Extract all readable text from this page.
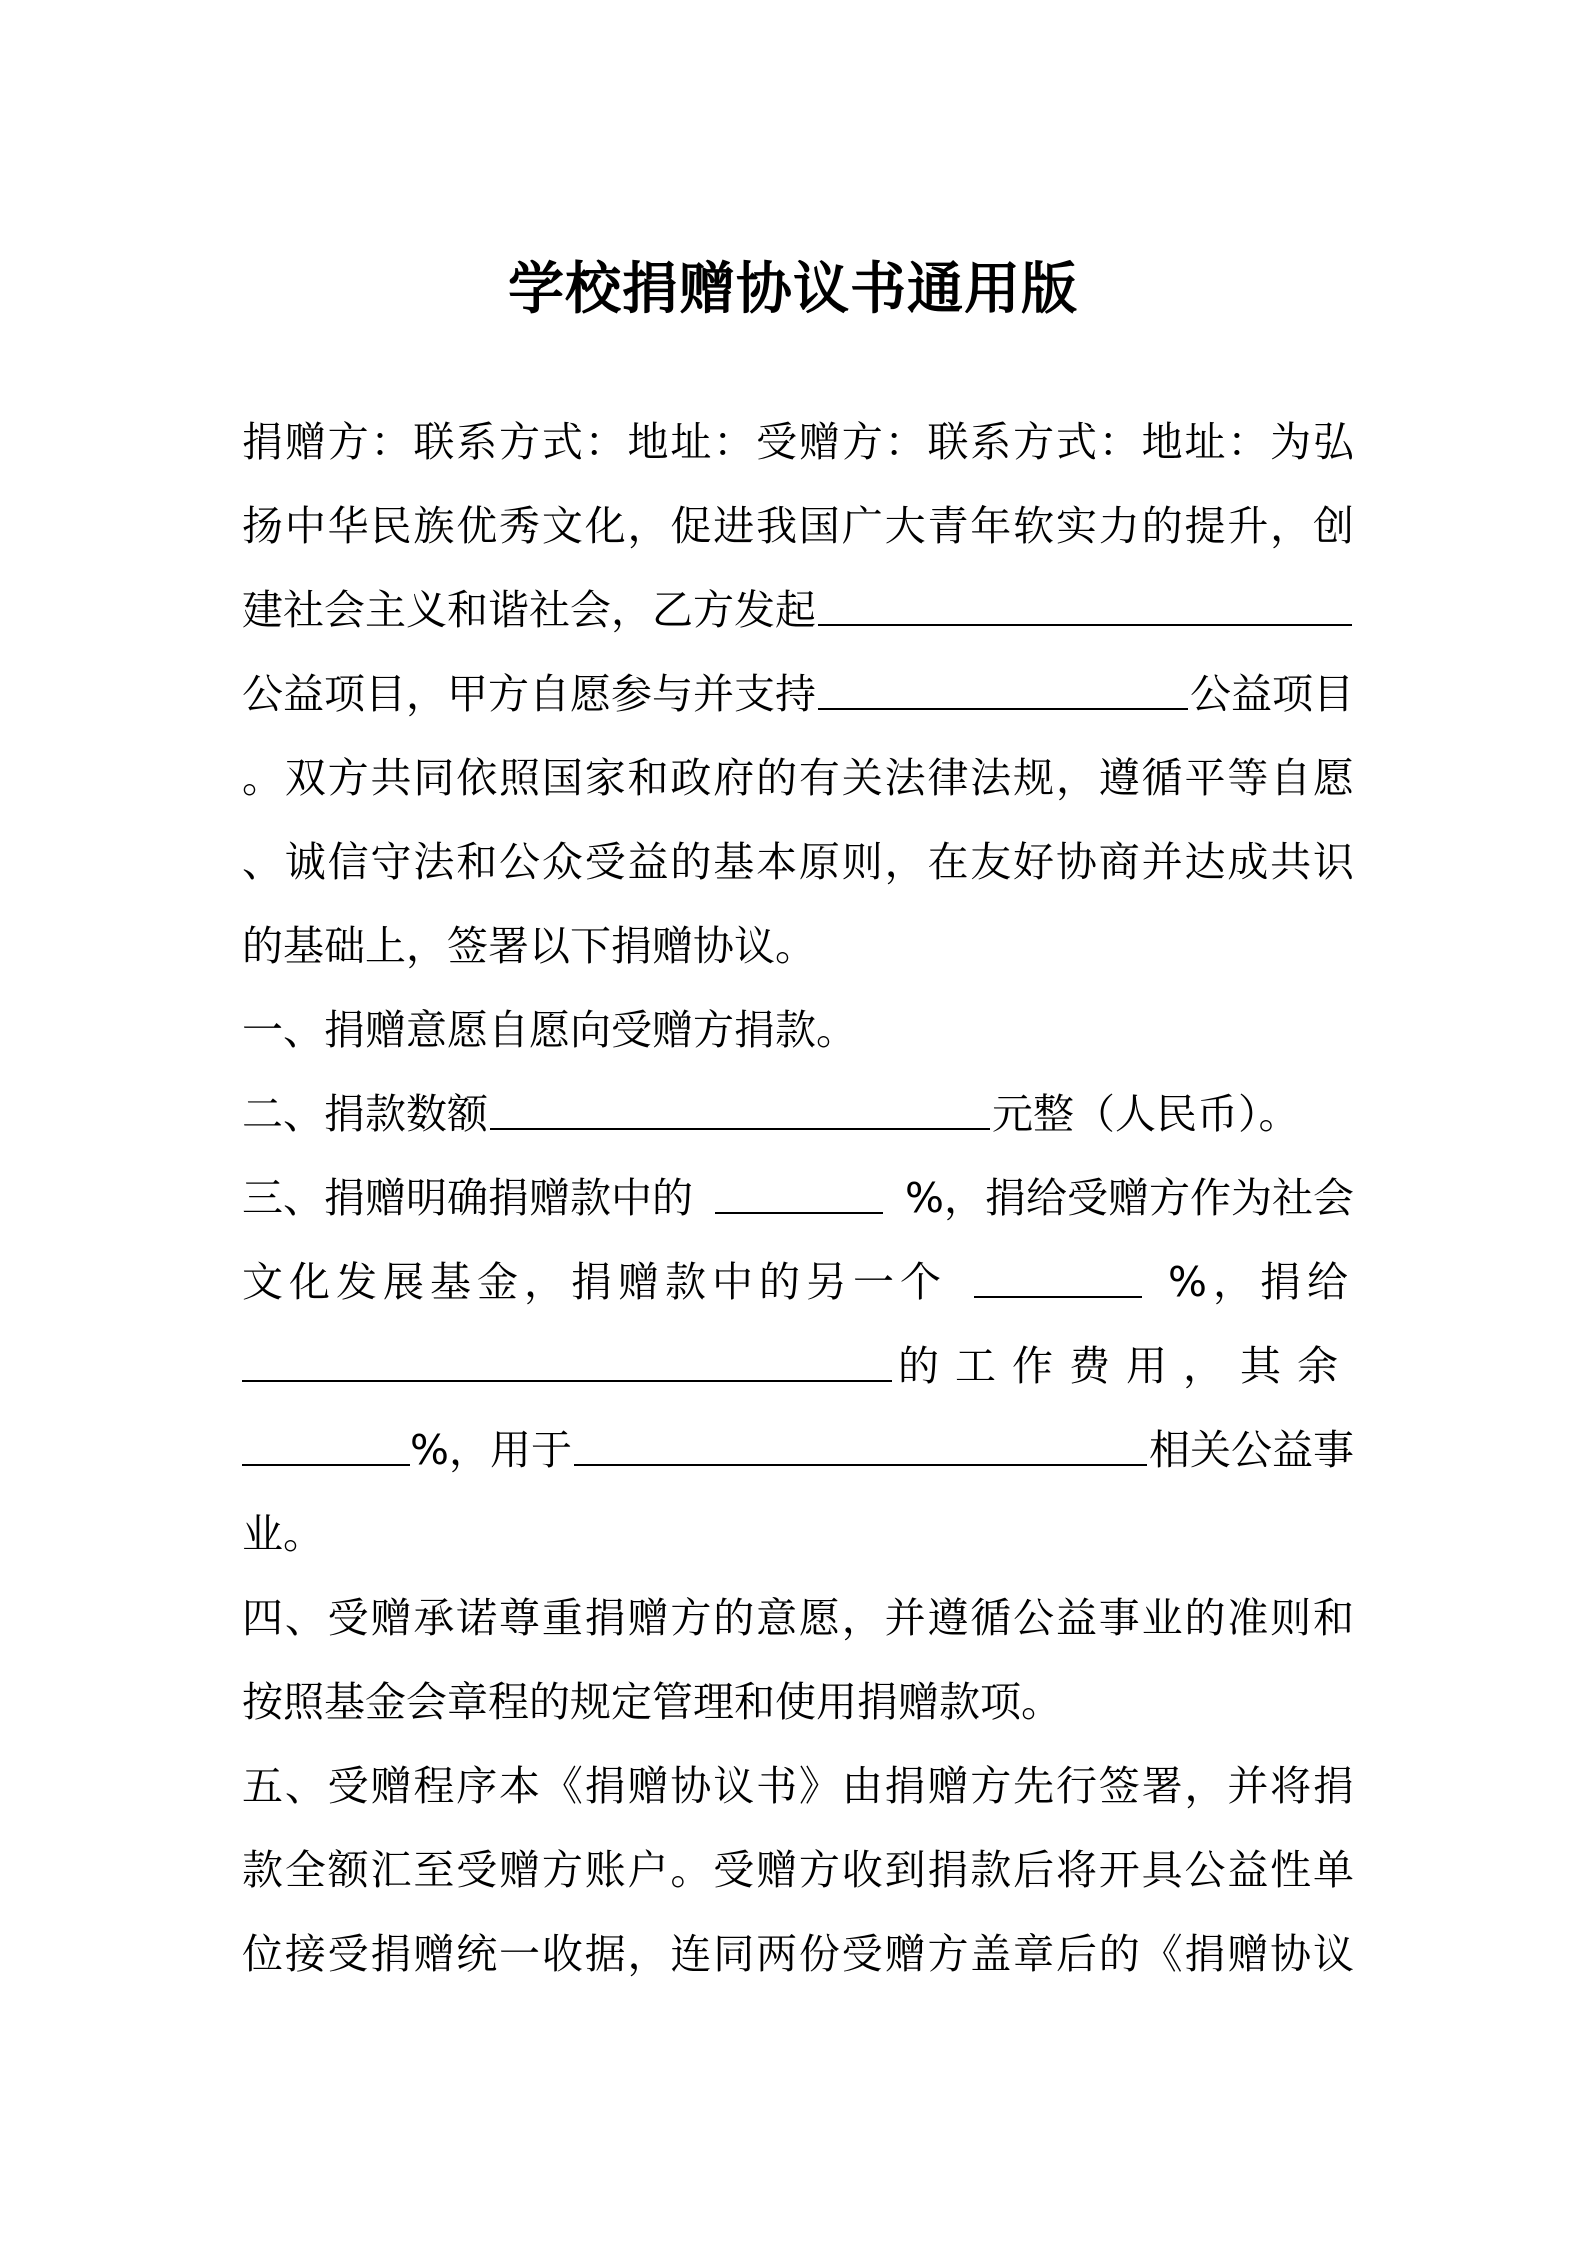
学校捐赠协议书通用版
捐赠方：联系方式：地址：受赠方：联系方式：地址：为弘
扬中华民族优秀文化，促进我国广大青年软实力的提升，创
建社会主义和谐社会，乙方发起
公益项目，甲方自愿参与并支持	公益项目
。双方共同依照国家和政府的有关法律法规，遵循平等自愿
、诚信守法和公众受益的基本原则，在友好协商并达成共识
的基础上，签署以下捐赠协议。
一、捐赠意愿自愿向受赠方捐款。
二、捐款数额	元整（人民币）。
三、捐赠明确捐赠款中的	%，捐给受赠方作为社会
文化发展基金，捐赠款中的另一个	%，捐给
的工作费用，其余
%，用于	相关公益事
业。
四、受赠承诺尊重捐赠方的意愿，并遵循公益事业的准则和
按照基金会章程的规定管理和使用捐赠款项。
五、受赠程序本《捐赠协议书》由捐赠方先行签署，并将捐
款全额汇至受赠方账户。受赠方收到捐款后将开具公益性单
位接受捐赠统一收据，连同两份受赠方盖章后的《捐赠协议
